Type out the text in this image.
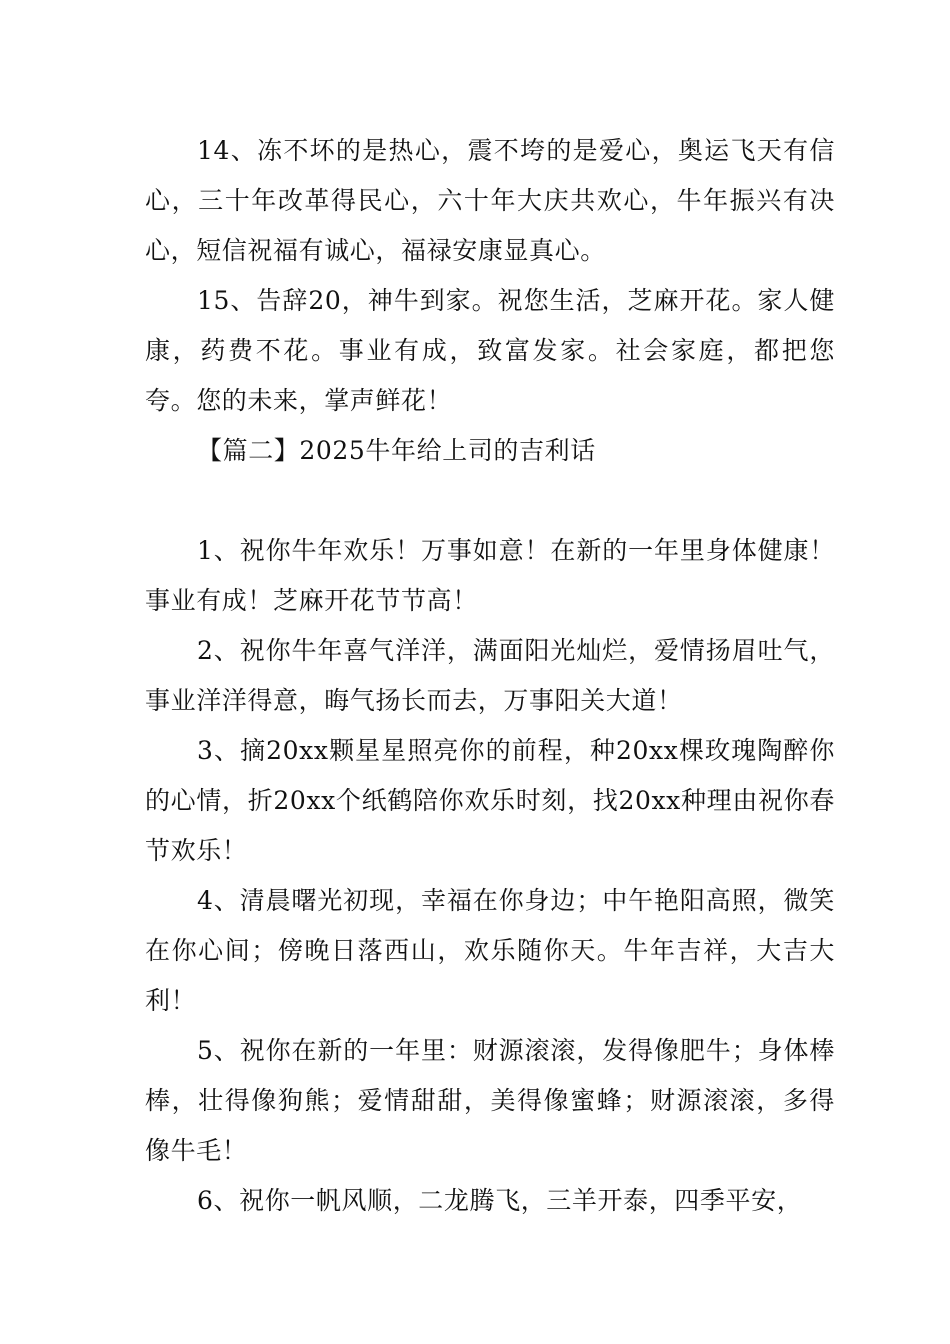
14、冻不坏的是热心，震不垮的是爱心，奥运飞天有信心，三十年改革得民心，六十年大庆共欢心，牛年振兴有决心，短信祝福有诚心，福禄安康显真心。

15、告辞20，神牛到家。祝您生活，芝麻开花。家人健康，药费不花。事业有成，致富发家。社会家庭，都把您夸。您的未来，掌声鲜花！

【篇二】2025牛年给上司的吉利话

1、祝你牛年欢乐！万事如意！在新的一年里身体健康！事业有成！芝麻开花节节高！

2、祝你牛年喜气洋洋，满面阳光灿烂，爱情扬眉吐气，事业洋洋得意，晦气扬长而去，万事阳关大道！

3、摘20xx颗星星照亮你的前程，种20xx棵玫瑰陶醉你的心情，折20xx个纸鹤陪你欢乐时刻，找20xx种理由祝你春节欢乐！

4、清晨曙光初现，幸福在你身边；中午艳阳高照，微笑在你心间；傍晚日落西山，欢乐随你天。牛年吉祥，大吉大利！

5、祝你在新的一年里：财源滚滚，发得像肥牛；身体棒棒，壮得像狗熊；爱情甜甜，美得像蜜蜂；财源滚滚，多得像牛毛！

6、祝你一帆风顺，二龙腾飞，三羊开泰，四季平安，
